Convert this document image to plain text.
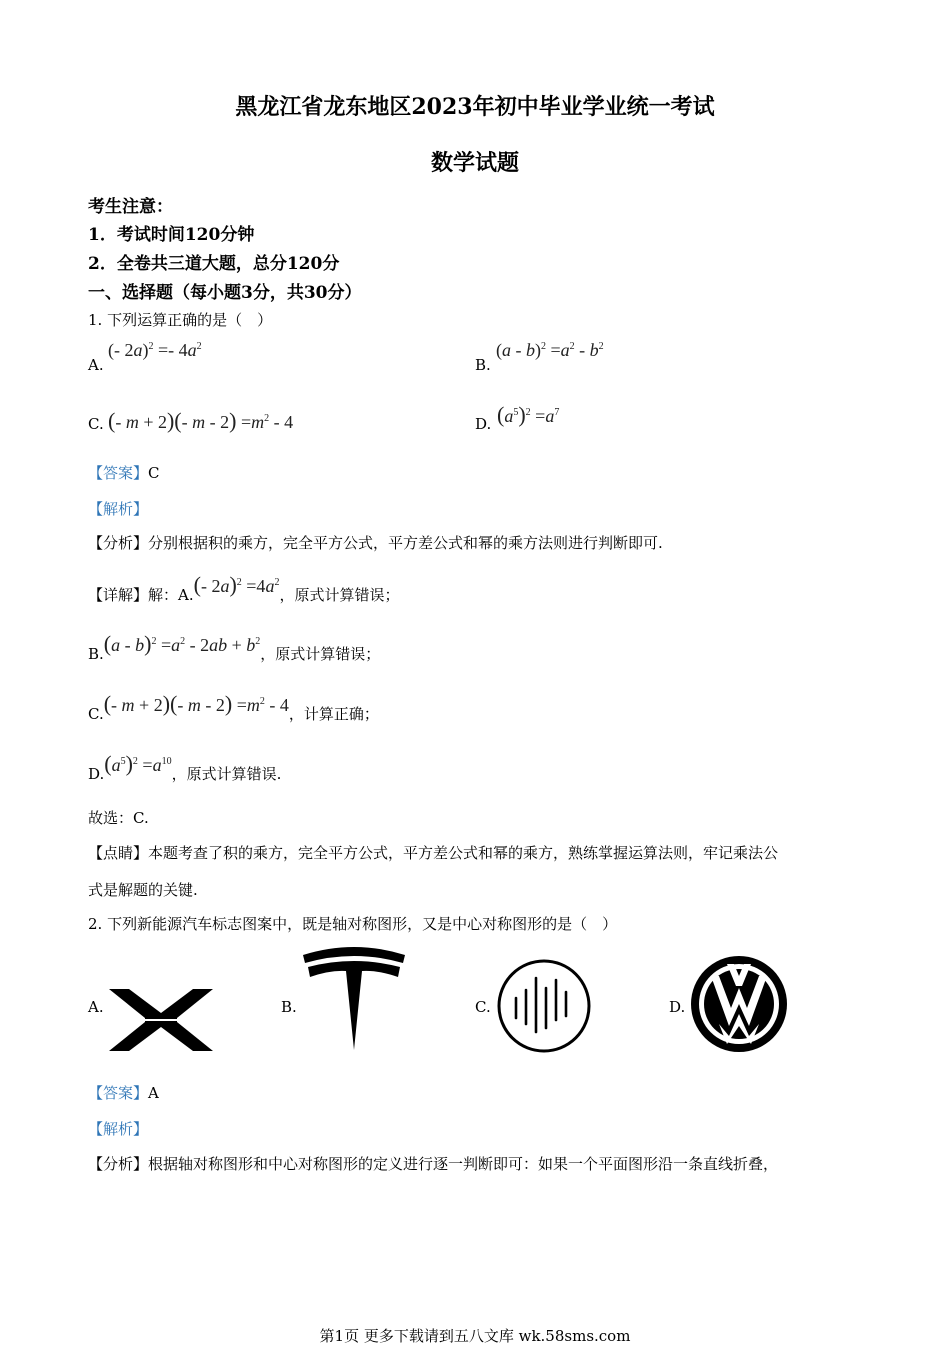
黑龙江省龙东地区2023年初中毕业学业统一考试
数学试题
考生注意：
1．考试时间120分钟
2．全卷共三道大题，总分120分
一、选择题（每小题3分，共30分）
1. 下列运算正确的是（　）
A.
(- $2a)^2 =- 4a^2$
B.
$(a - b)^2 =a^2 - b^2$
C. (- m + 2)(- $m - 2) =m^2 - 4$	D. $(a^5)^2 =a^7$
【答案】C
【解析】
【分析】分别根据积的乘方，完全平方公式，平方差公式和幂的乘方法则进行判断即可.
【详解】解：A.(- $2a)^2 =4a^2$，原式计算错误；
$B.(a - b)^2 =a^2 - 2ab + b^2$，原式计算错误；
C.(- m + 2)(- $m - 2) =m^2 - 4$，计算正确；
$D.(a^5)^2 =a^{10}$，原式计算错误.
故选：C.
【点睛】本题考查了积的乘方，完全平方公式，平方差公式和幂的乘方，熟练掌握运算法则，牢记乘法公
式是解题的关键.
2. 下列新能源汽车标志图案中，既是轴对称图形，又是中心对称图形的是（　）
A.	B.	C.	D.
【答案】A
【解析】
【分析】根据轴对称图形和中心对称图形的定义进行逐一判断即可：如果一个平面图形沿一条直线折叠，
第1页 更多下载请到五八文库 wk.58sms.com
